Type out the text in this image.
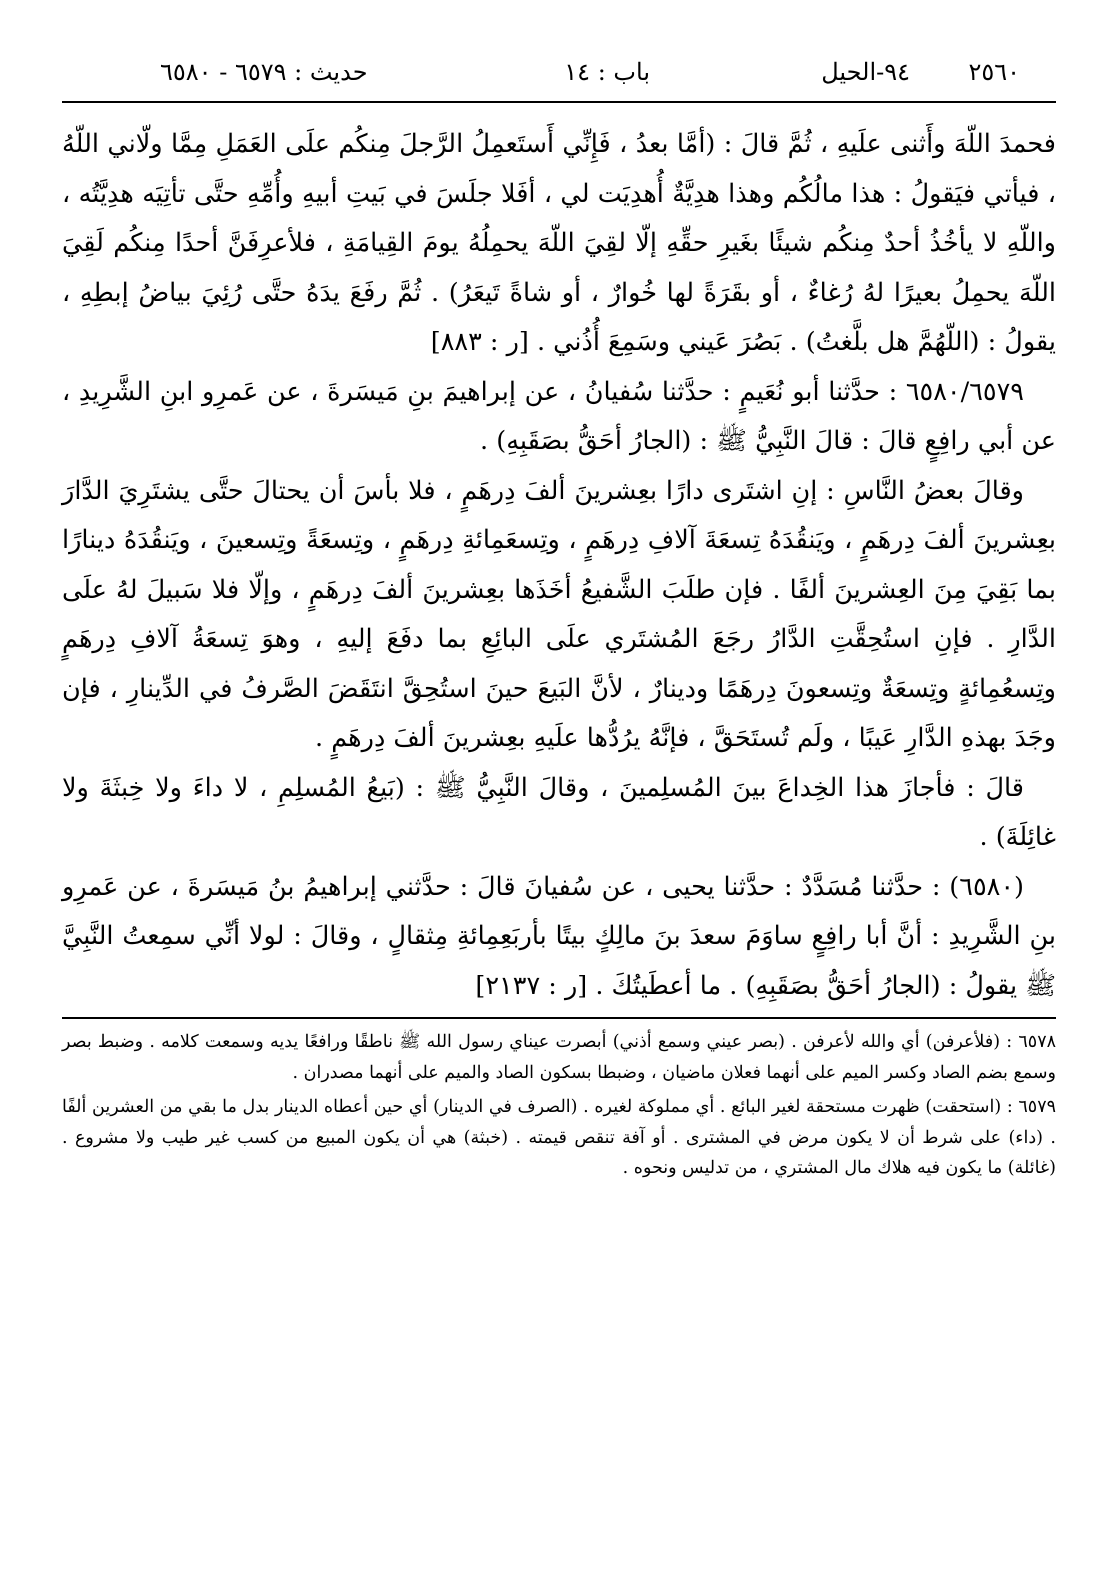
٢٥٦٠
٩٤-الحيل
باب : ١٤
حديث : ٦٥٧٩ - ٦٥٨٠

فحمدَ اللّهَ وأَثنى علَيهِ ، ثُمَّ قالَ : (أمَّا بعدُ ، فَإِنِّي أَستَعمِلُ الرَّجلَ مِنكُم علَى العَمَلِ مِمَّا ولّاني اللّهُ ، فيأتي فيَقولُ : هذا مالُكُم وهذا هدِيَّةٌ أُهدِيَت لي ، أفَلا جلَسَ في بَيتِ أبيهِ وأُمِّهِ حتَّى تأتِيَه هدِيَّتُه ، واللّهِ لا يأخُذُ أحدٌ مِنكُم شيئًا بغَيرِ حقِّهِ إلّا لقِيَ اللّهَ يحمِلُهُ يومَ القِيامَةِ ، فلأعرِفَنَّ أحدًا مِنكُم لَقِيَ اللّهَ يحمِلُ بعيرًا لهُ رُغاءٌ ، أو بقَرَةً لها خُوارٌ ، أو شاةً تَيعَرُ) . ثُمَّ رفَعَ يدَهُ حتَّى رُئِيَ بياضُ إبطِهِ ، يقولُ : (اللّهُمَّ هل بلَّغتُ) . بَصُرَ عَيني وسَمِعَ أُذُني . [ر : ٨٨٣]

٦٥٨٠/٦٥٧٩ : حدَّثنا أبو نُعَيمٍ : حدَّثنا سُفيانُ ، عن إبراهيمَ بنِ مَيسَرةَ ، عن عَمرِو ابنِ الشَّرِيدِ ، عن أبي رافِعٍ قالَ : قالَ النَّبِيُّ ﷺ : (الجارُ أحَقُّ بصَقَبِهِ) .

وقالَ بعضُ النَّاسِ : إنِ اشتَرى دارًا بعِشرينَ ألفَ دِرهَمٍ ، فلا بأسَ أن يحتالَ حتَّى يشتَرِيَ الدَّارَ بعِشرينَ ألفَ دِرهَمٍ ، ويَنقُدَهُ تِسعَةَ آلافِ دِرهَمٍ ، وتِسعَمِائةِ دِرهَمٍ ، وتِسعَةً وتِسعينَ ، ويَنقُدَهُ دينارًا بما بَقِيَ مِنَ العِشرينَ ألفًا . فإن طلَبَ الشَّفيعُ أخَذَها بعِشرينَ ألفَ دِرهَمٍ ، وإلّا فلا سَبيلَ لهُ علَى الدَّارِ . فإنِ استُحِقَّتِ الدَّارُ رجَعَ المُشتَري علَى البائِعِ بما دفَعَ إليهِ ، وهوَ تِسعَةُ آلافِ دِرهَمٍ وتِسعُمِائةٍ وتِسعَةٌ وتِسعونَ دِرهَمًا ودينارٌ ، لأنَّ البَيعَ حينَ استُحِقَّ انتَقَضَ الصَّرفُ في الدِّينارِ ، فإن وجَدَ بهذهِ الدَّارِ عَيبًا ، ولَم تُستَحَقَّ ، فإنَّهُ يرُدُّها علَيهِ بعِشرينَ ألفَ دِرهَمٍ .

قالَ : فأجازَ هذا الخِداعَ بينَ المُسلِمينَ ، وقالَ النَّبِيُّ ﷺ : (بَيعُ المُسلِمِ ، لا داءَ ولا خِبثَةَ ولا غائِلَةَ) .

(٦٥٨٠) : حدَّثنا مُسَدَّدٌ : حدَّثنا يحيى ، عن سُفيانَ قالَ : حدَّثني إبراهيمُ بنُ مَيسَرةَ ، عن عَمرِو بنِ الشَّرِيدِ : أنَّ أبا رافِعٍ ساوَمَ سعدَ بنَ مالِكٍ بيتًا بأربَعِمِائةِ مِثقالٍ ، وقالَ : لولا أنِّي سمِعتُ النَّبِيَّ ﷺ يقولُ : (الجارُ أحَقُّ بصَقَبِهِ) . ما أعطَيتُكَ . [ر : ٢١٣٧]

٦٥٧٨ : (فلأعرفن) أي والله لأعرفن . (بصر عيني وسمع أذني) أبصرت عيناي رسول الله ﷺ ناطقًا ورافعًا يديه وسمعت كلامه . وضبط بصر وسمع بضم الصاد وكسر الميم على أنهما فعلان ماضيان ، وضبطا بسكون الصاد والميم على أنهما مصدران .

٦٥٧٩ : (استحقت) ظهرت مستحقة لغير البائع . أي مملوكة لغيره . (الصرف في الدينار) أي حين أعطاه الدينار بدل ما بقي من العشرين ألفًا . (داء) على شرط أن لا يكون مرض في المشترى . أو آفة تنقص قيمته . (خبثة) هي أن يكون المبيع من كسب غير طيب ولا مشروع . (غائلة) ما يكون فيه هلاك مال المشتري ، من تدليس ونحوه .
